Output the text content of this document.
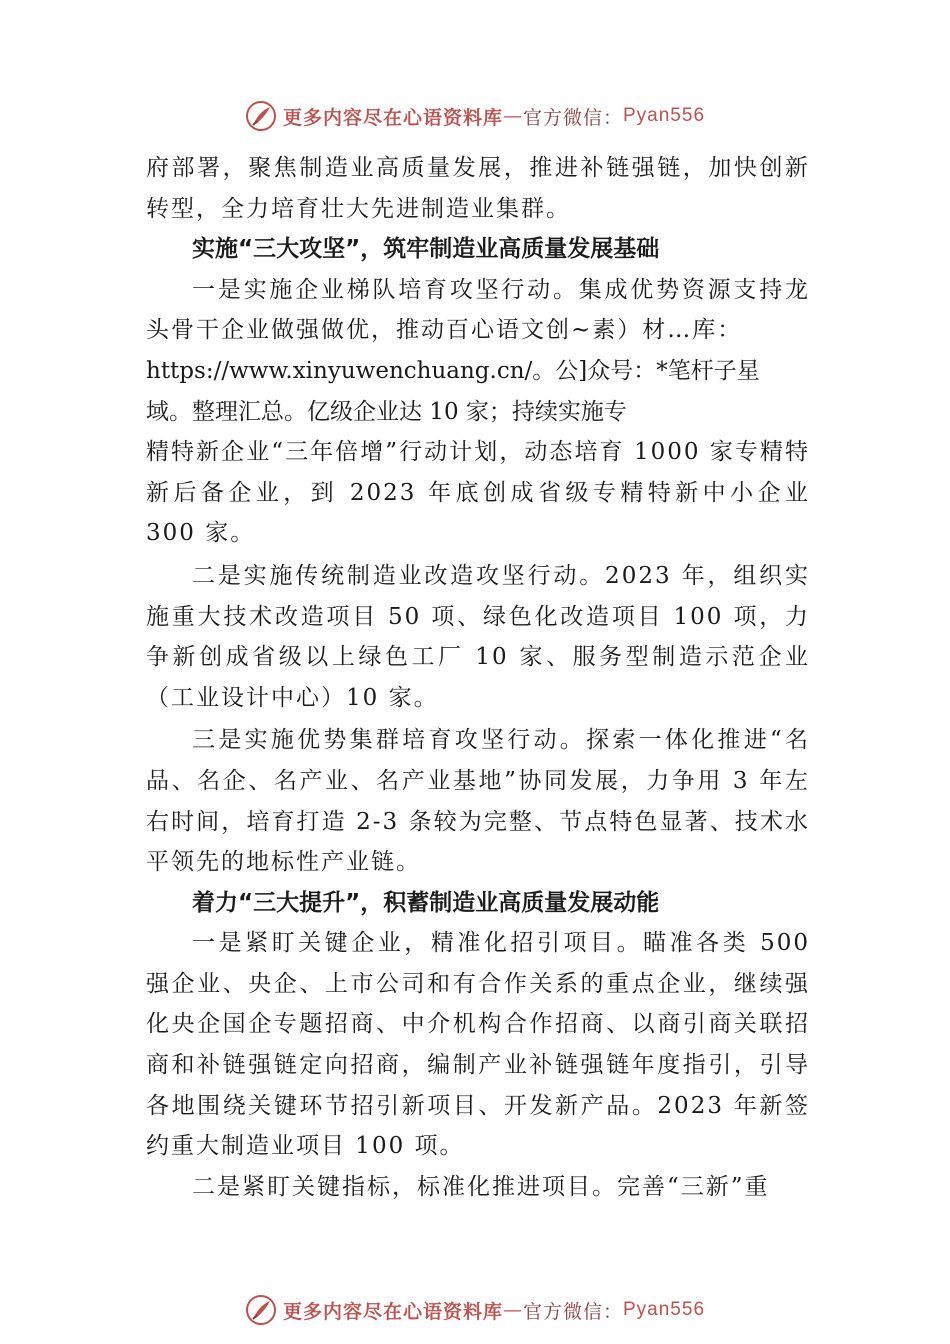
更多内容尽在心语资料库 — 官方微信： Pyan556

府部署，聚焦制造业高质量发展，推进补链强链，加快创新转型，全力培育壮大先进制造业集群。

实施“三大攻坚”，筑牢制造业高质量发展基础

一是实施企业梯队培育攻坚行动。集成优势资源支持龙头骨干企业做强做优，推动百心语文创~素）材…库：

https://www.xinyuwenchuang.cn/。公]众号：*笔杆子星

域。整理汇总。亿级企业达 10 家；持续实施专

精特新企业“三年倍增”行动计划，动态培育 1000 家专精特新后备企业，到 2023 年底创成省级专精特新中小企业 300 家。

二是实施传统制造业改造攻坚行动。2023 年，组织实施重大技术改造项目 50 项、绿色化改造项目 100 项，力争新创成省级以上绿色工厂 10 家、服务型制造示范企业（工业设计中心）10 家。

三是实施优势集群培育攻坚行动。探索一体化推进“名品、名企、名产业、名产业基地”协同发展，力争用 3 年左右时间，培育打造 2-3 条较为完整、节点特色显著、技术水平领先的地标性产业链。

着力“三大提升”，积蓄制造业高质量发展动能

一是紧盯关键企业，精准化招引项目。瞄准各类 500 强企业、央企、上市公司和有合作关系的重点企业，继续强化央企国企专题招商、中介机构合作招商、以商引商关联招商和补链强链定向招商，编制产业补链强链年度指引，引导各地围绕关键环节招引新项目、开发新产品。2023 年新签约重大制造业项目 100 项。

二是紧盯关键指标，标准化推进项目。完善“三新”重

更多内容尽在心语资料库 — 官方微信： Pyan556
